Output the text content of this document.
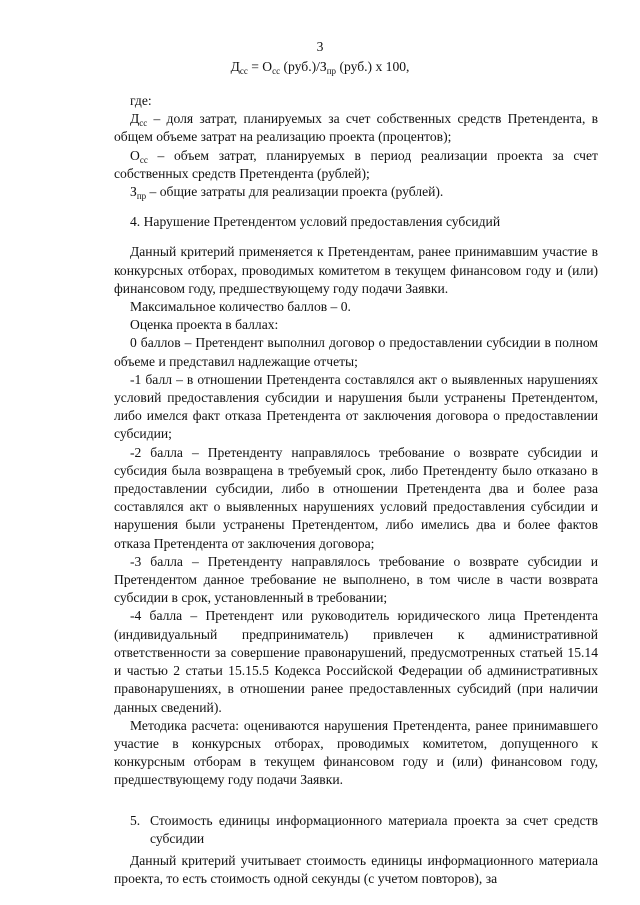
3
$Д_{сс} = О_{сс}$ $(руб.)/З_{пр}$ (руб.) х 100,

где:

$Д_{сс}$ – доля затрат, планируемых за счет собственных средств Претендента, в общем объеме затрат на реализацию проекта (процентов);

$О_{сс}$ – объем затрат, планируемых в период реализации проекта за счет собственных средств Претендента (рублей);

$З_{пр}$ – общие затраты для реализации проекта (рублей).

4. Нарушение Претендентом условий предоставления субсидий

Данный критерий применяется к Претендентам, ранее принимавшим участие в конкурсных отборах, проводимых комитетом в текущем финансовом году и (или) финансовом году, предшествующему году подачи Заявки.

Максимальное количество баллов – 0.

Оценка проекта в баллах:

0 баллов – Претендент выполнил договор о предоставлении субсидии в полном объеме и представил надлежащие отчеты;

-1 балл – в отношении Претендента составлялся акт о выявленных нарушениях условий предоставления субсидии и нарушения были устранены Претендентом, либо имелся факт отказа Претендента от заключения договора о предоставлении субсидии;

-2 балла – Претенденту направлялось требование о возврате субсидии и субсидия была возвращена в требуемый срок, либо Претенденту было отказано в предоставлении субсидии, либо в отношении Претендента два и более раза составлялся акт о выявленных нарушениях условий предоставления субсидии и нарушения были устранены Претендентом, либо имелись два и более фактов отказа Претендента от заключения договора;

-3 балла – Претенденту направлялось требование о возврате субсидии и Претендентом данное требование не выполнено, в том числе в части возврата субсидии в срок, установленный в требовании;

-4 балла – Претендент или руководитель юридического лица Претендента (индивидуальный предприниматель) привлечен к административной ответственности за совершение правонарушений, предусмотренных статьей 15.14 и частью 2 статьи 15.15.5 Кодекса Российской Федерации об административных правонарушениях, в отношении ранее предоставленных субсидий (при наличии данных сведений).

Методика расчета: оцениваются нарушения Претендента, ранее принимавшего участие в конкурсных отборах, проводимых комитетом, допущенного к конкурсным отборам в текущем финансовом году и (или) финансовом году, предшествующему году подачи Заявки.

5. Стоимость единицы информационного материала проекта за счет средств субсидии

Данный критерий учитывает стоимость единицы информационного материала проекта, то есть стоимость одной секунды (с учетом повторов), за
